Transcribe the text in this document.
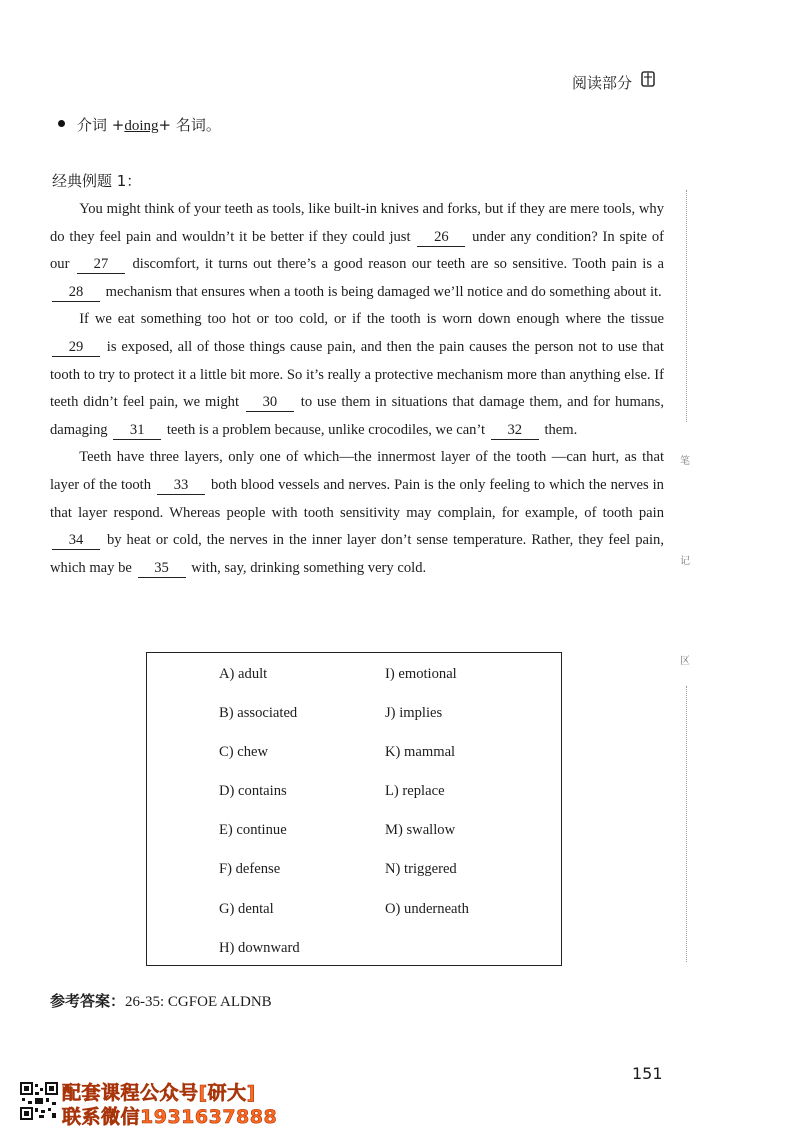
阅读部分
介词 +doing+ 名词。
经典例题 1：

You might think of your teeth as tools, like built-in knives and forks, but if they are mere tools, why do they feel pain and wouldn’t it be better if they could just 26 under any condition? In spite of our 27 discomfort, it turns out there’s a good reason our teeth are so sensitive. Tooth pain is a 28 mechanism that ensures when a tooth is being damaged we’ll notice and do something about it.

If we eat something too hot or too cold, or if the tooth is worn down enough where the tissue 29 is exposed, all of those things cause pain, and then the pain causes the person not to use that tooth to try to protect it a little bit more. So it’s really a protective mechanism more than anything else. If teeth didn’t feel pain, we might 30 to use them in situations that damage them, and for humans, damaging 31 teeth is a problem because, unlike crocodiles, we can’t 32 them.

Teeth have three layers, only one of which—the innermost layer of the tooth —can hurt, as that layer of the tooth 33 both blood vessels and nerves. Pain is the only feeling to which the nerves in that layer respond. Whereas people with tooth sensitivity may complain, for example, of tooth pain 34 by heat or cold, the nerves in the inner layer don’t sense temperature. Rather, they feel pain, which may be 35 with, say, drinking something very cold.

A) adult
B) associated
C) chew
D) contains
E) continue
F) defense
G) dental
H) downward
I) emotional
J) implies
K) mammal
L) replace
M) swallow
N) triggered
O) underneath
参考答案：26-35: CGFOE ALDNB
151
笔
记
区
配套课程公众号[研大]
联系微信1931637888
